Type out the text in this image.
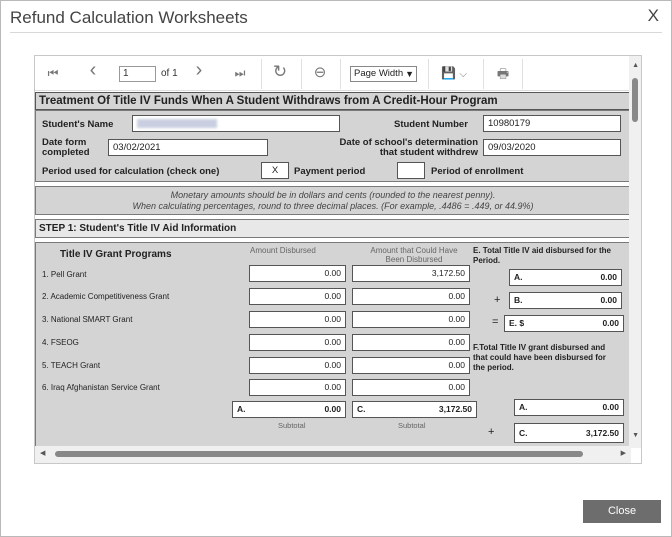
Refund Calculation Worksheets	X
⏮ ‹	1	of 1 ›	⏭ ↻ ⊖	Page Width ▼ 💾 ⌵ 🖶
Treatment Of Title IV Funds When A Student Withdraws from A Credit-Hour Program
Student's Name	Student Number	10980179
Date form
completed	03/02/2021	Date of school's determination
that student withdrew	09/03/2020
Period used for calculation (check one)	X	Payment period	Period of enrollment
Monetary amounts should be in dollars and cents (rounded to the nearest penny).
When calculating percentages, round to three decimal places. (For example, .4486 = .449, or 44.9%)
STEP 1: Student's Title IV Aid Information
Title IV Grant Programs	Amount Disbursed	Amount that Could Have
Been Disbursed
E. Total Title IV aid disbursed for the
Period.
1. Pell Grant	0.00	3,172.50
2. Academic Competitiveness Grant	0.00	0.00
3. National SMART Grant	0.00	0.00
4. FSEOG	0.00	0.00
5. TEACH Grant	0.00	0.00
6. Iraq Afghanistan Service Grant	0.00	0.00
A.	0.00
+ B.	0.00
= E. $	0.00
F.Total Title IV grant disbursed and
that could have been disbursed for
the period.
A.	0.00	C.	3,172.50
Subtotal	Subtotal
A.	0.00
+	C.	3,172.50
▲
▼
◀	▶
Close
